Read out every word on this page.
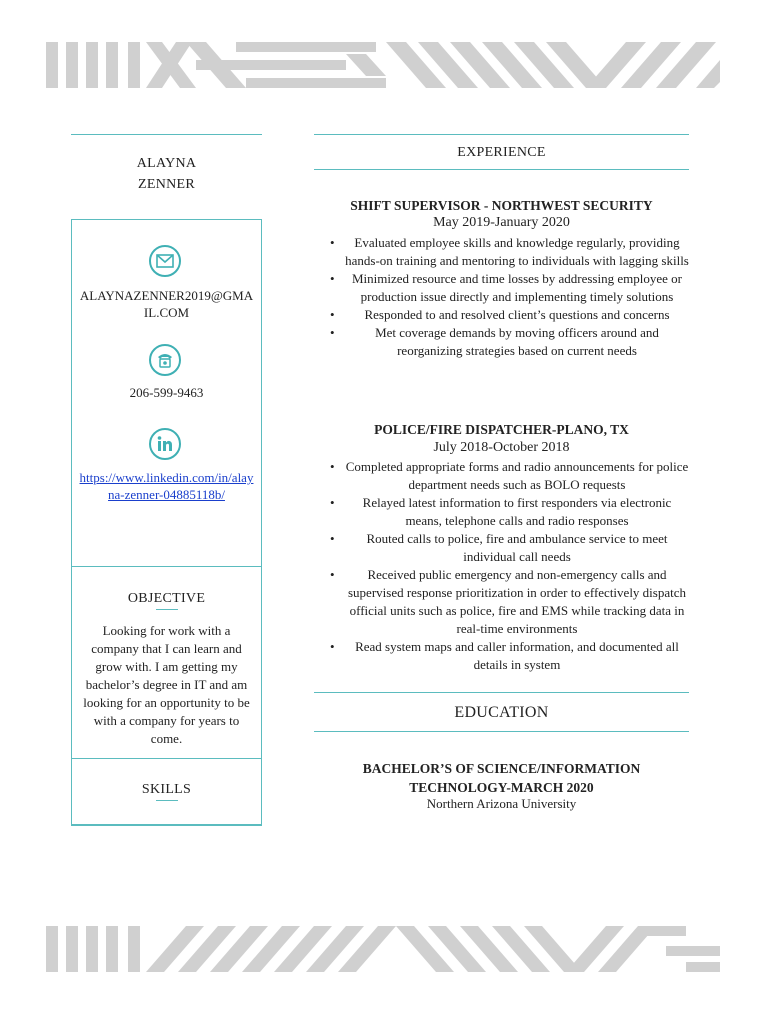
ALAYNA
ZENNER
ALAYNAZENNER2019@GMA
IL.COM
206-599-9463
https://www.linkedin.com/in/alay
na-zenner-04885118b/
OBJECTIVE
Looking for work with a company that I can learn and grow with. I am getting my bachelor’s degree in IT and am looking for an opportunity to be with a company for years to come.
SKILLS
EXPERIENCE
SHIFT SUPERVISOR - NORTHWEST SECURITY
May 2019-January 2020
• Evaluated employee skills and knowledge regularly, providing hands-on training and mentoring to individuals with lagging skills
• Minimized resource and time losses by addressing employee or production issue directly and implementing timely solutions
• Responded to and resolved client’s questions and concerns
• Met coverage demands by moving officers around and reorganizing strategies based on current needs
POLICE/FIRE DISPATCHER-PLANO, TX
July 2018-October 2018
• Completed appropriate forms and radio announcements for police department needs such as BOLO requests
• Relayed latest information to first responders via electronic means, telephone calls and radio responses
• Routed calls to police, fire and ambulance service to meet individual call needs
• Received public emergency and non-emergency calls and supervised response prioritization in order to effectively dispatch official units such as police, fire and EMS while tracking data in real-time environments
• Read system maps and caller information, and documented all details in system
EDUCATION
BACHELOR’S OF SCIENCE/INFORMATION
TECHNOLOGY-MARCH 2020
Northern Arizona University
